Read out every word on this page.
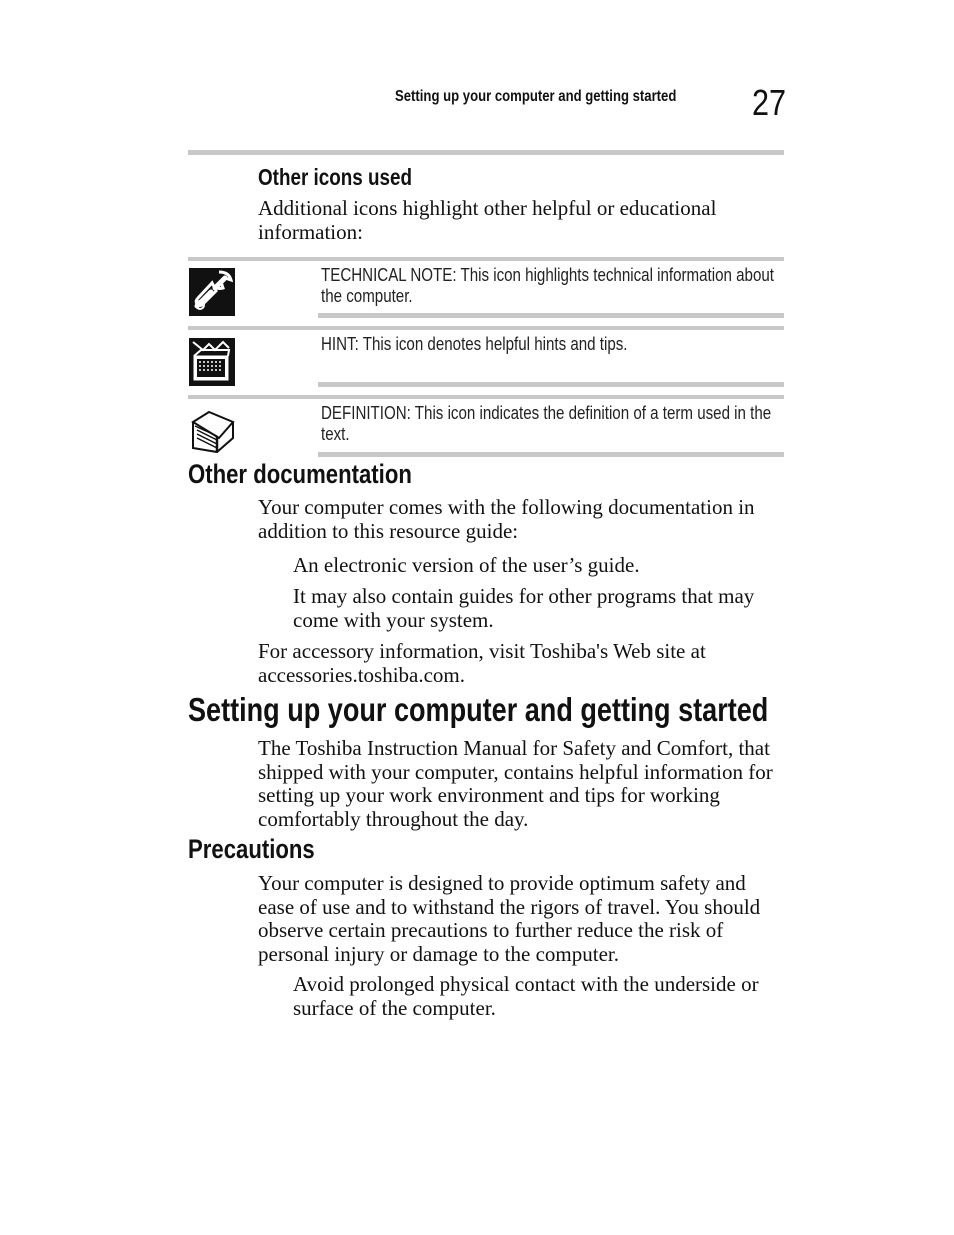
Setting up your computer and getting started 27
Other icons used
Additional icons highlight other helpful or educational information:
TECHNICAL NOTE: This icon highlights technical information about the computer.
HINT: This icon denotes helpful hints and tips.
DEFINITION: This icon indicates the definition of a term used in the text.
Other documentation
Your computer comes with the following documentation in addition to this resource guide:
An electronic version of the user’s guide.
It may also contain guides for other programs that may come with your system.
For accessory information, visit Toshiba's Web site at accessories.toshiba.com.
Setting up your computer and getting started
The Toshiba Instruction Manual for Safety and Comfort, that shipped with your computer, contains helpful information for setting up your work environment and tips for working comfortably throughout the day.
Precautions
Your computer is designed to provide optimum safety and ease of use and to withstand the rigors of travel. You should observe certain precautions to further reduce the risk of personal injury or damage to the computer.
Avoid prolonged physical contact with the underside or surface of the computer.
